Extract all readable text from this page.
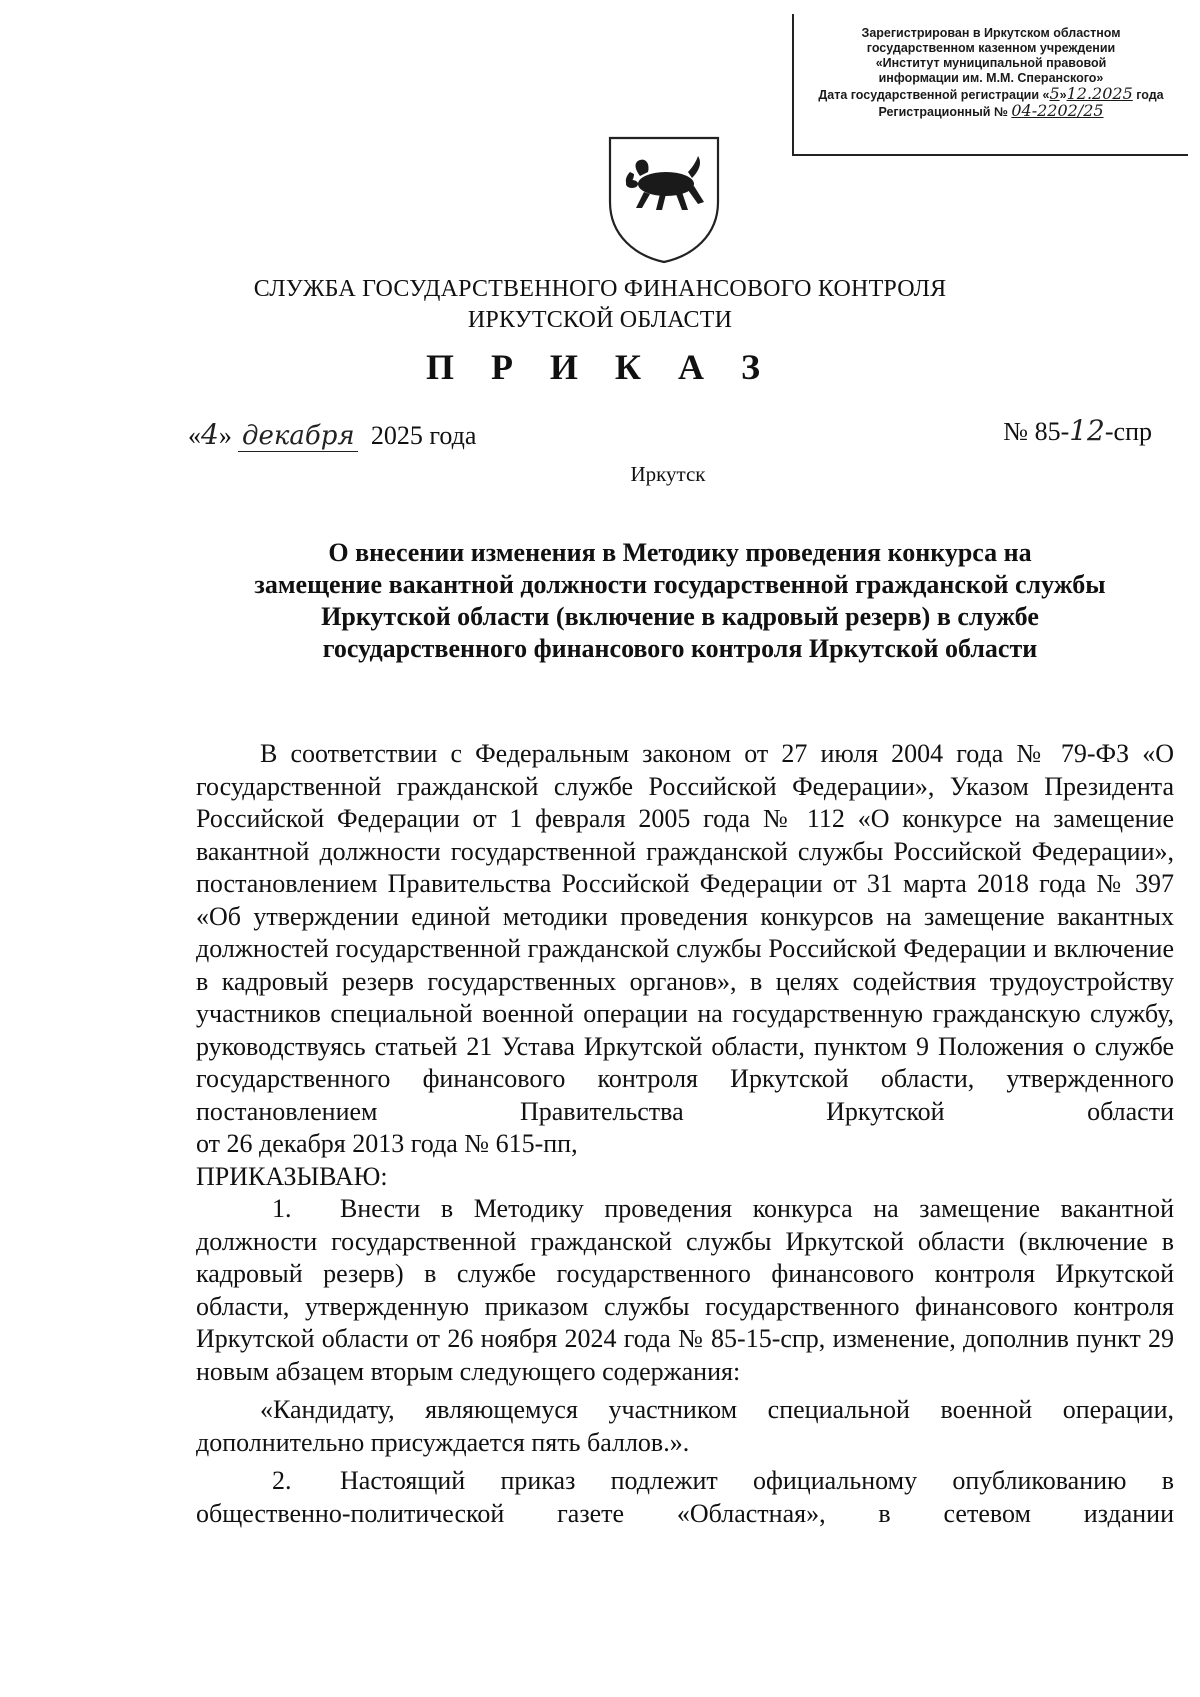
Зарегистрирован в Иркутском областном
государственном казенном учреждении
«Институт муниципальной правовой
информации им. М.М. Сперанского»
Дата государственной регистрации «5»12.2025 года
Регистрационный № 04-2202/25
СЛУЖБА ГОСУДАРСТВЕННОГО ФИНАНСОВОГО КОНТРОЛЯ
ИРКУТСКОЙ ОБЛАСТИ
П Р И К А З
«4» декабря 2025 года	№ 85-12-спр
Иркутск
О внесении изменения в Методику проведения конкурса на
замещение вакантной должности государственной гражданской службы
Иркутской области (включение в кадровый резерв) в службе
государственного финансового контроля Иркутской области

В соответствии с Федеральным законом от 27 июля 2004 года № 79-ФЗ «О государственной гражданской службе Российской Федерации», Указом Президента Российской Федерации от 1 февраля 2005 года № 112 «О конкурсе на замещение вакантной должности государственной гражданской службы Российской Федерации», постановлением Правительства Российской Федерации от 31 марта 2018 года № 397 «Об утверждении единой методики проведения конкурсов на замещение вакантных должностей государственной гражданской службы Российской Федерации и включение в кадровый резерв государственных органов», в целях содействия трудоустройству участников специальной военной операции на государственную гражданскую службу, руководствуясь статьей 21 Устава Иркутской области, пунктом 9 Положения о службе государственного финансового контроля Иркутской области, утвержденного постановлением Правительства Иркутской области

от 26 декабря 2013 года № 615-пп,

ПРИКАЗЫВАЮ:

1. Внести в Методику проведения конкурса на замещение вакантной должности государственной гражданской службы Иркутской области (включение в кадровый резерв) в службе государственного финансового контроля Иркутской области, утвержденную приказом службы государственного финансового контроля Иркутской области от 26 ноября 2024 года № 85-15-спр, изменение, дополнив пункт 29 новым абзацем вторым следующего содержания:

«Кандидату, являющемуся участником специальной военной операции, дополнительно присуждается пять баллов.».

2. Настоящий приказ подлежит официальному опубликованию в общественно-политической газете «Областная», в сетевом издании
